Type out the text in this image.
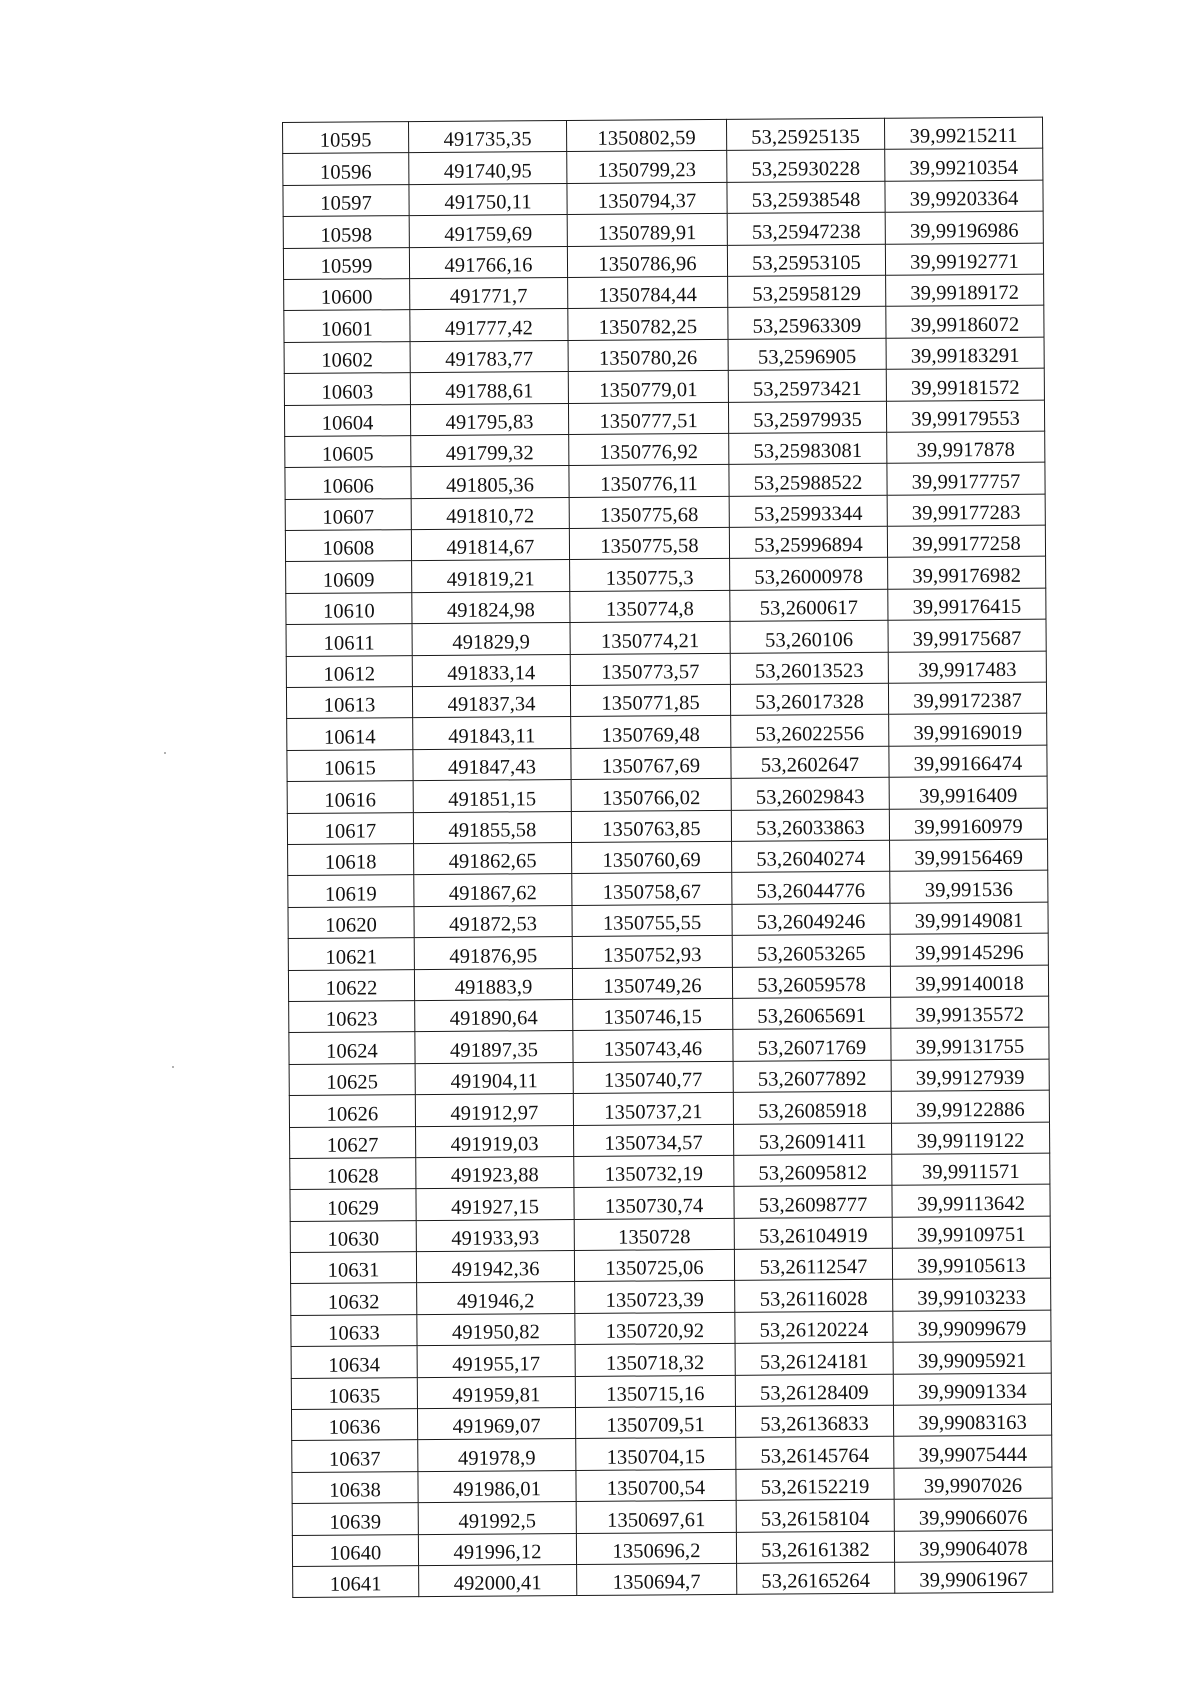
10595	491735,35	1350802,59	53,25925135	39,99215211
10596	491740,95	1350799,23	53,25930228	39,99210354
10597	491750,11	1350794,37	53,25938548	39,99203364
10598	491759,69	1350789,91	53,25947238	39,99196986
10599	491766,16	1350786,96	53,25953105	39,99192771
10600	491771,7	1350784,44	53,25958129	39,99189172
10601	491777,42	1350782,25	53,25963309	39,99186072
10602	491783,77	1350780,26	53,2596905	39,99183291
10603	491788,61	1350779,01	53,25973421	39,99181572
10604	491795,83	1350777,51	53,25979935	39,99179553
10605	491799,32	1350776,92	53,25983081	39,9917878
10606	491805,36	1350776,11	53,25988522	39,99177757
10607	491810,72	1350775,68	53,25993344	39,99177283
10608	491814,67	1350775,58	53,25996894	39,99177258
10609	491819,21	1350775,3	53,26000978	39,99176982
10610	491824,98	1350774,8	53,2600617	39,99176415
10611	491829,9	1350774,21	53,260106	39,99175687
10612	491833,14	1350773,57	53,26013523	39,9917483
10613	491837,34	1350771,85	53,26017328	39,99172387
10614	491843,11	1350769,48	53,26022556	39,99169019
10615	491847,43	1350767,69	53,2602647	39,99166474
10616	491851,15	1350766,02	53,26029843	39,9916409
10617	491855,58	1350763,85	53,26033863	39,99160979
10618	491862,65	1350760,69	53,26040274	39,99156469
10619	491867,62	1350758,67	53,26044776	39,991536
10620	491872,53	1350755,55	53,26049246	39,99149081
10621	491876,95	1350752,93	53,26053265	39,99145296
10622	491883,9	1350749,26	53,26059578	39,99140018
10623	491890,64	1350746,15	53,26065691	39,99135572
10624	491897,35	1350743,46	53,26071769	39,99131755
10625	491904,11	1350740,77	53,26077892	39,99127939
10626	491912,97	1350737,21	53,26085918	39,99122886
10627	491919,03	1350734,57	53,26091411	39,99119122
10628	491923,88	1350732,19	53,26095812	39,9911571
10629	491927,15	1350730,74	53,26098777	39,99113642
10630	491933,93	1350728	53,26104919	39,99109751
10631	491942,36	1350725,06	53,26112547	39,99105613
10632	491946,2	1350723,39	53,26116028	39,99103233
10633	491950,82	1350720,92	53,26120224	39,99099679
10634	491955,17	1350718,32	53,26124181	39,99095921
10635	491959,81	1350715,16	53,26128409	39,99091334
10636	491969,07	1350709,51	53,26136833	39,99083163
10637	491978,9	1350704,15	53,26145764	39,99075444
10638	491986,01	1350700,54	53,26152219	39,9907026
10639	491992,5	1350697,61	53,26158104	39,99066076
10640	491996,12	1350696,2	53,26161382	39,99064078
10641	492000,41	1350694,7	53,26165264	39,99061967
